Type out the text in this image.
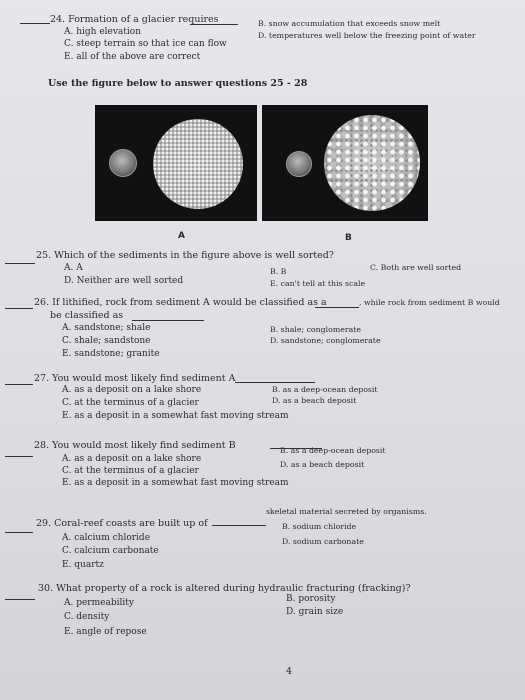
24. Formation of a glacier requires
A. high elevation
B. snow accumulation that exceeds snow melt
C. steep terrain so that ice can flow
D. temperatures well below the freezing point of water
E. all of the above are correct
Use the figure below to answer questions 25 - 28
A	B
25. Which of the sediments in the figure above is well sorted?
A. A	B. B	C. Both are well sorted
D. Neither are well sorted	E. can't tell at this scale
26. If lithified, rock from sediment A would be classified as a	, while rock from sediment B would
be classified as
A. sandstone; shale	B. shale; conglomerate
C. shale; sandstone	D. sandstone; conglomerate
E. sandstone; granite
27. You would most likely find sediment A
A. as a deposit on a lake shore	B. as a deep-ocean deposit
C. at the terminus of a glacier	D. as a beach deposit
E. as a deposit in a somewhat fast moving stream
28. You would most likely find sediment B
A. as a deposit on a lake shore
B. as a deep-ocean deposit
C. at the terminus of a glacier
D. as a beach deposit
E. as a deposit in a somewhat fast moving stream
29. Coral-reef coasts are built up of
skeletal material secreted by organisms.
A. calcium chloride
B. sodium chloride
C. calcium carbonate
D. sodium carbonate
E. quartz
30. What property of a rock is altered during hydraulic fracturing (fracking)?
A. permeability	B. porosity
C. density	D. grain size
E. angle of repose
4
